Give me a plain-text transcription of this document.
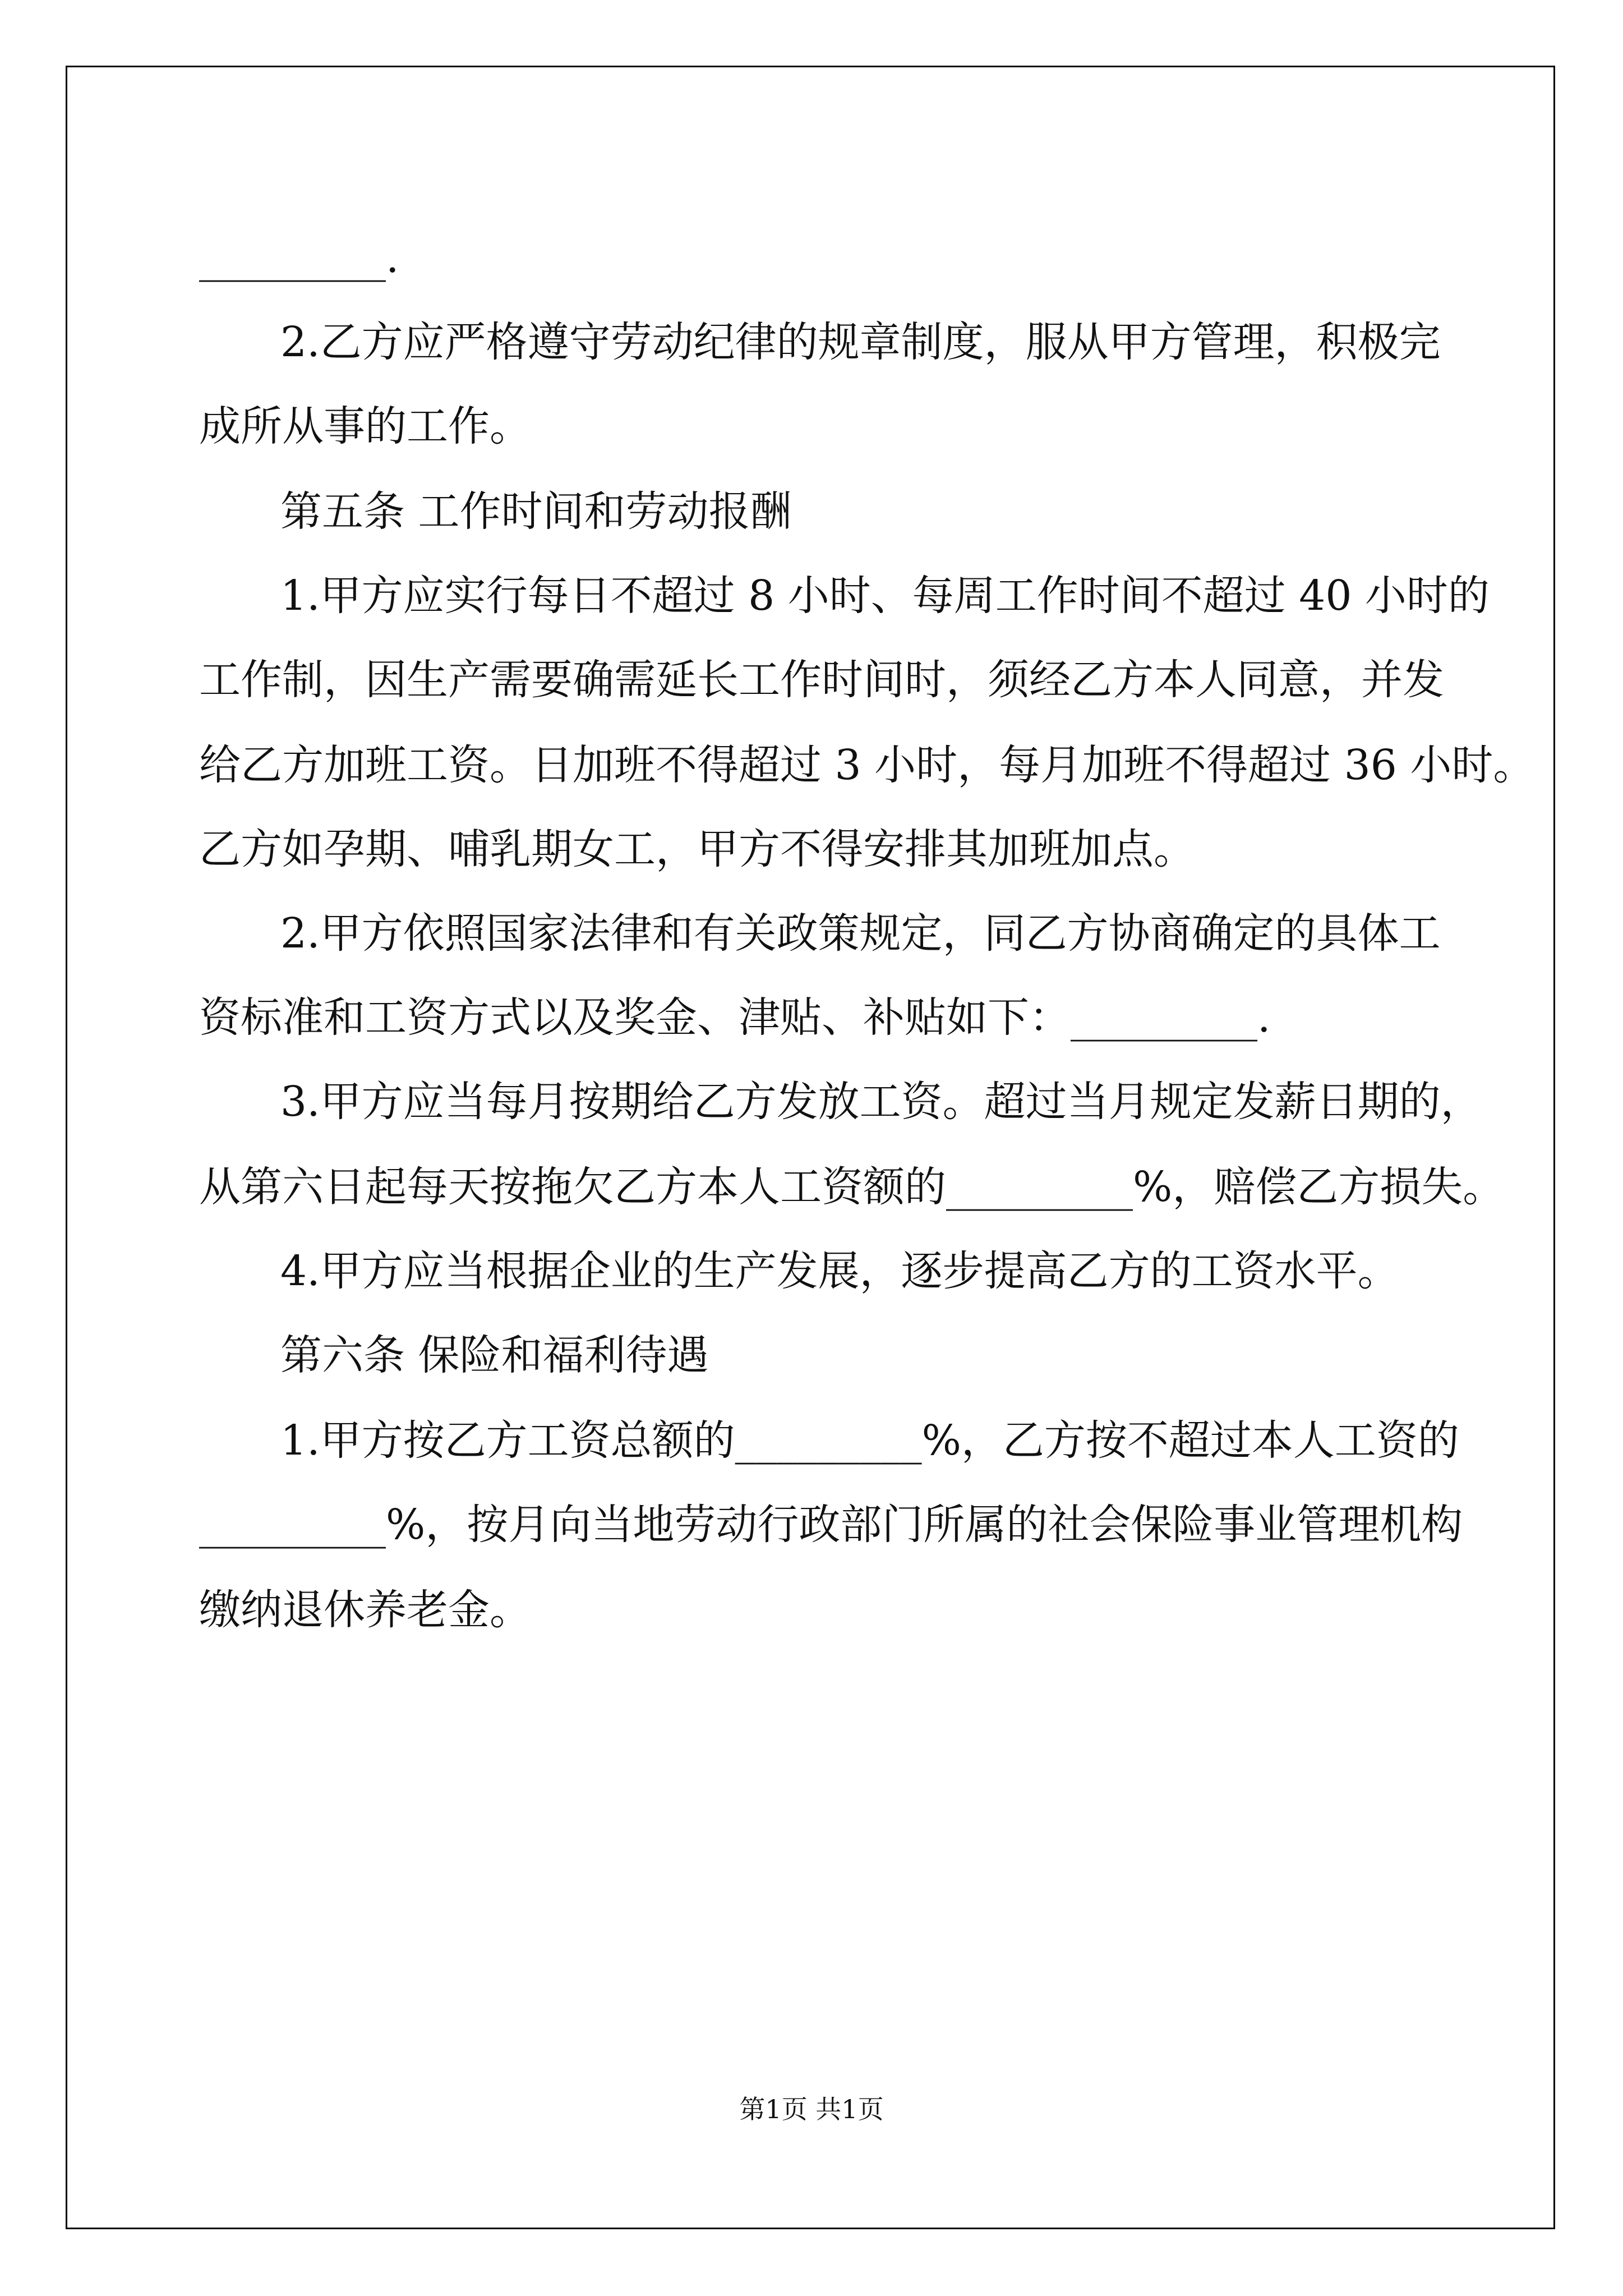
_________.

2.乙方应严格遵守劳动纪律的规章制度，服从甲方管理，积极完

成所从事的工作。

第五条 工作时间和劳动报酬

1.甲方应实行每日不超过 8 小时、每周工作时间不超过 40 小时的

工作制，因生产需要确需延长工作时间时，须经乙方本人同意，并发

给乙方加班工资。日加班不得超过 3 小时，每月加班不得超过 36 小时。

乙方如孕期、哺乳期女工，甲方不得安排其加班加点。

2.甲方依照国家法律和有关政策规定，同乙方协商确定的具体工

资标准和工资方式以及奖金、津贴、补贴如下：_________.

3.甲方应当每月按期给乙方发放工资。超过当月规定发薪日期的，

从第六日起每天按拖欠乙方本人工资额的_________%，赔偿乙方损失。

4.甲方应当根据企业的生产发展，逐步提高乙方的工资水平。

第六条 保险和福利待遇

1.甲方按乙方工资总额的_________%，乙方按不超过本人工资的

_________%，按月向当地劳动行政部门所属的社会保险事业管理机构

缴纳退休养老金。

第1页 共1页
